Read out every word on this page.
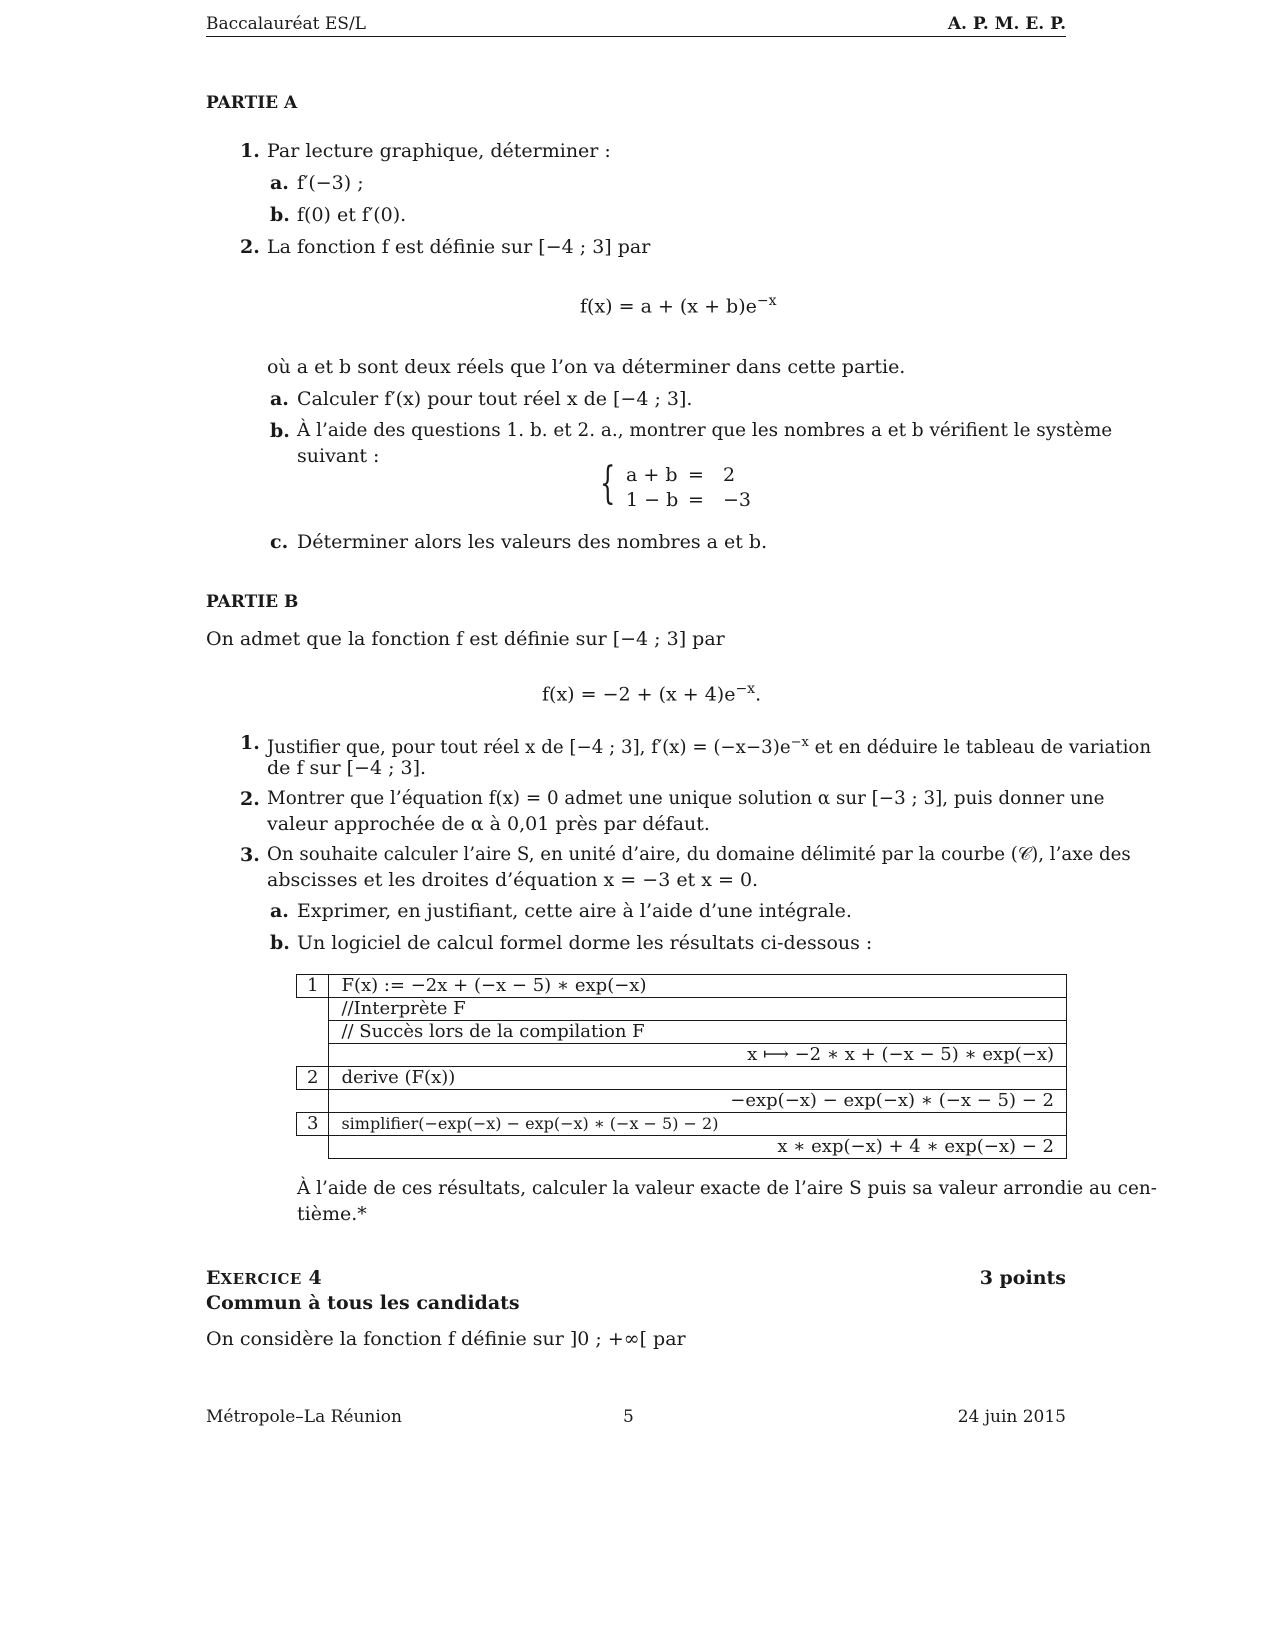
Baccalauréat ES/L	A. P. M. E. P.
PARTIE A
1. Par lecture graphique, déterminer :
a. f′(−3) ;
b. f(0) et f′(0).
2. La fonction f est définie sur [−4 ; 3] par
$f(x) = a + (x + b)e^{-x}$
où a et b sont deux réels que l’on va déterminer dans cette partie.
a. Calculer f′(x) pour tout réel x de [−4 ; 3].
b. À l’aide des questions 1. b. et 2. a., montrer que les nombres a et b vérifient le système
suivant :
{ a + b = 2
1 − b = −3
c. Déterminer alors les valeurs des nombres a et b.
PARTIE B
On admet que la fonction f est définie sur [−4 ; 3] par
$f(x) = -2 + (x + 4)e^{-x}$.
1. Justifier que, pour tout réel x de [−4 ; 3], $f'(x) = (-x-3)e^{-x}$ et en déduire le tableau de variation
de f sur [−4 ; 3].
2. Montrer que l’équation f(x) = 0 admet une unique solution α sur [−3 ; 3], puis donner une
valeur approchée de α à 0,01 près par défaut.
3. On souhaite calculer l’aire S, en unité d’aire, du domaine délimité par la courbe (𝒞), l’axe des
abscisses et les droites d’équation x = −3 et x = 0.
a. Exprimer, en justifiant, cette aire à l’aide d’une intégrale.
b. Un logiciel de calcul formel dorme les résultats ci-dessous :
1	F(x) := −2x + (−x − 5) ∗ exp(−x)
	//Interprète F
	// Succès lors de la compilation F
	x ⟼ −2 ∗ x + (−x − 5) ∗ exp(−x)
2	derive (F(x))
	−exp(−x) − exp(−x) ∗ (−x − 5) − 2
3	simplifier(−exp(−x) − exp(−x) ∗ (−x − 5) − 2)
	x ∗ exp(−x) + 4 ∗ exp(−x) − 2
À l’aide de ces résultats, calculer la valeur exacte de l’aire S puis sa valeur arrondie au cen-
tième.*
EXERCICE 4	3 points
Commun à tous les candidats
On considère la fonction f définie sur ]0 ; +∞[ par
Métropole–La Réunion	5	24 juin 2015
